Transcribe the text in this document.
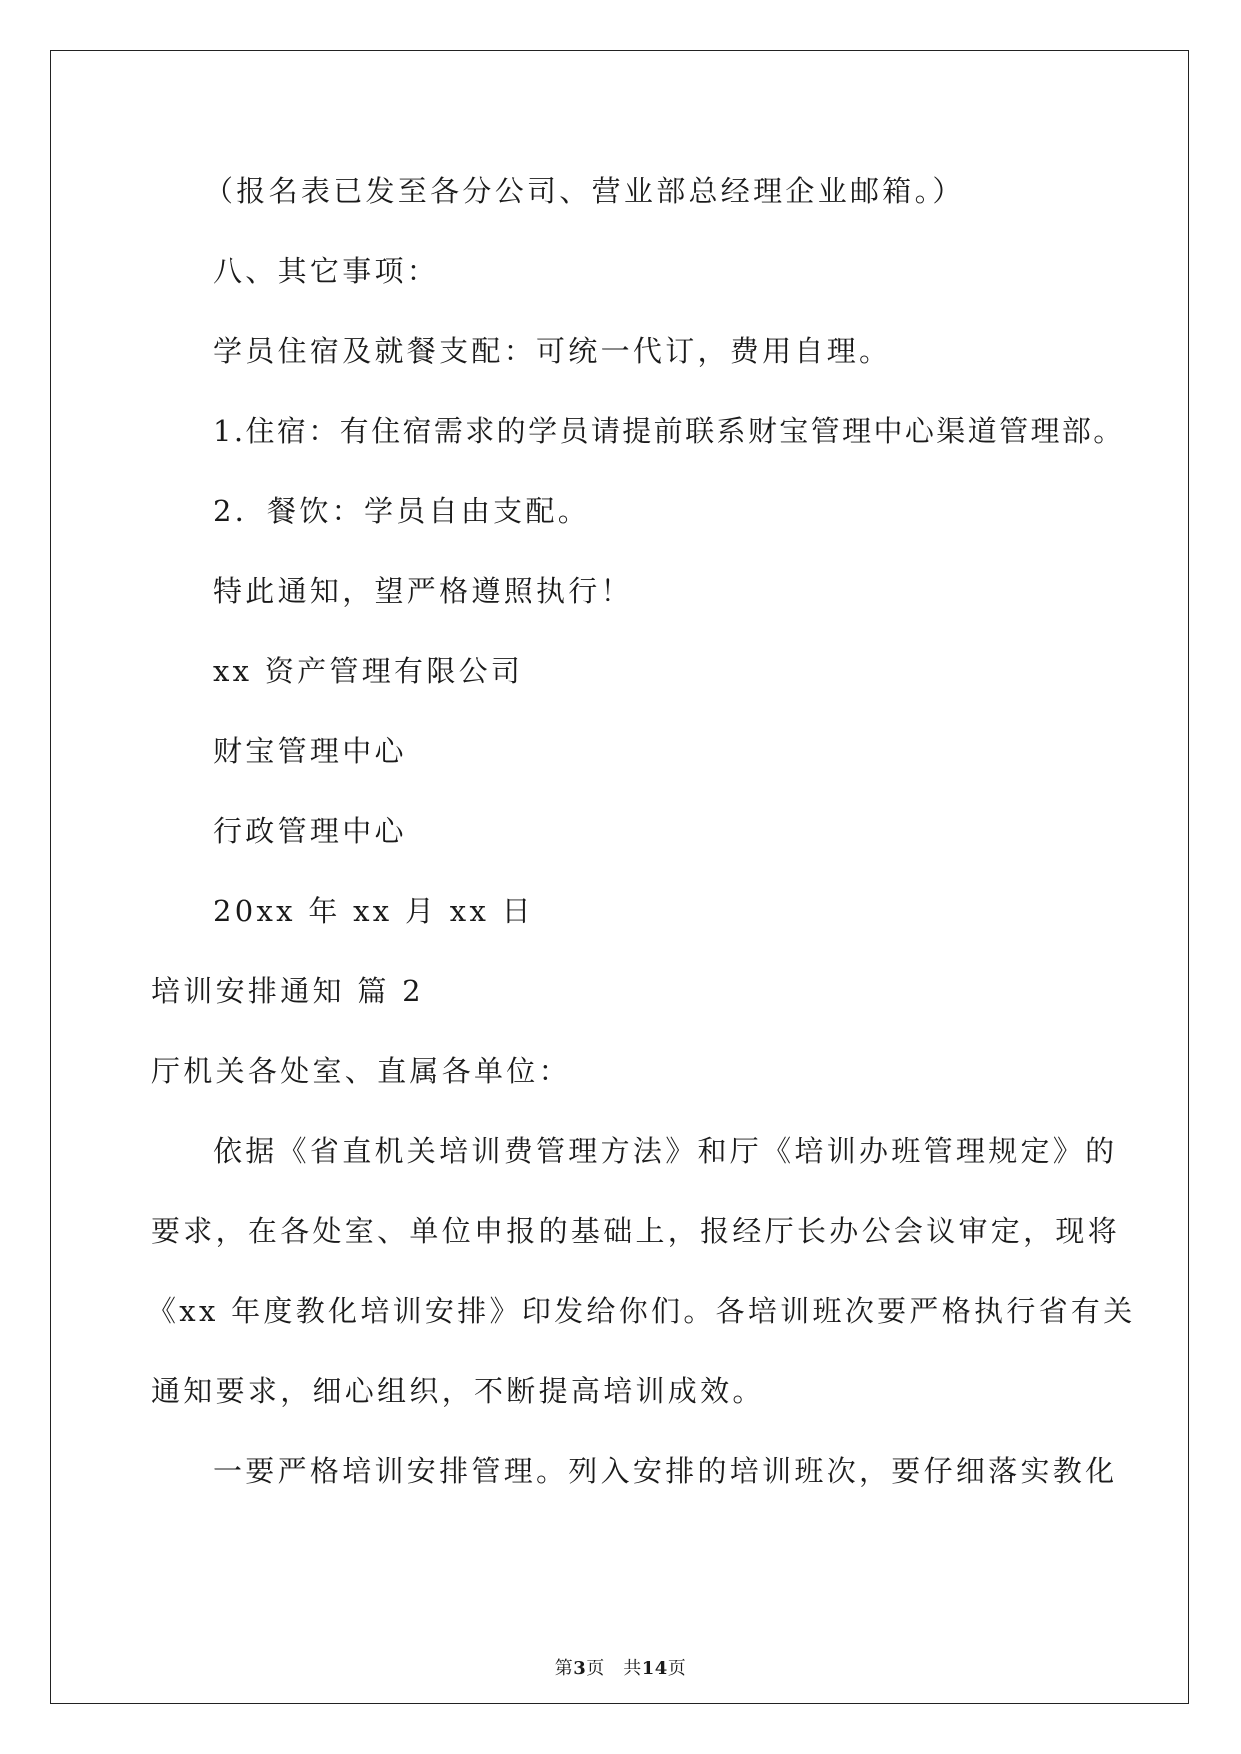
（报名表已发至各分公司、营业部总经理企业邮箱。）
八、其它事项：
学员住宿及就餐支配：可统一代订，费用自理。
1.住宿：有住宿需求的学员请提前联系财宝管理中心渠道管理部。
2．餐饮：学员自由支配。
特此通知，望严格遵照执行！
xx 资产管理有限公司
财宝管理中心
行政管理中心
20xx 年 xx 月 xx 日
培训安排通知 篇 2
厅机关各处室、直属各单位：
依据《省直机关培训费管理方法》和厅《培训办班管理规定》的
要求，在各处室、单位申报的基础上，报经厅长办公会议审定，现将
《xx 年度教化培训安排》印发给你们。各培训班次要严格执行省有关
通知要求，细心组织，不断提高培训成效。
一要严格培训安排管理。列入安排的培训班次，要仔细落实教化
第3页　共14页
